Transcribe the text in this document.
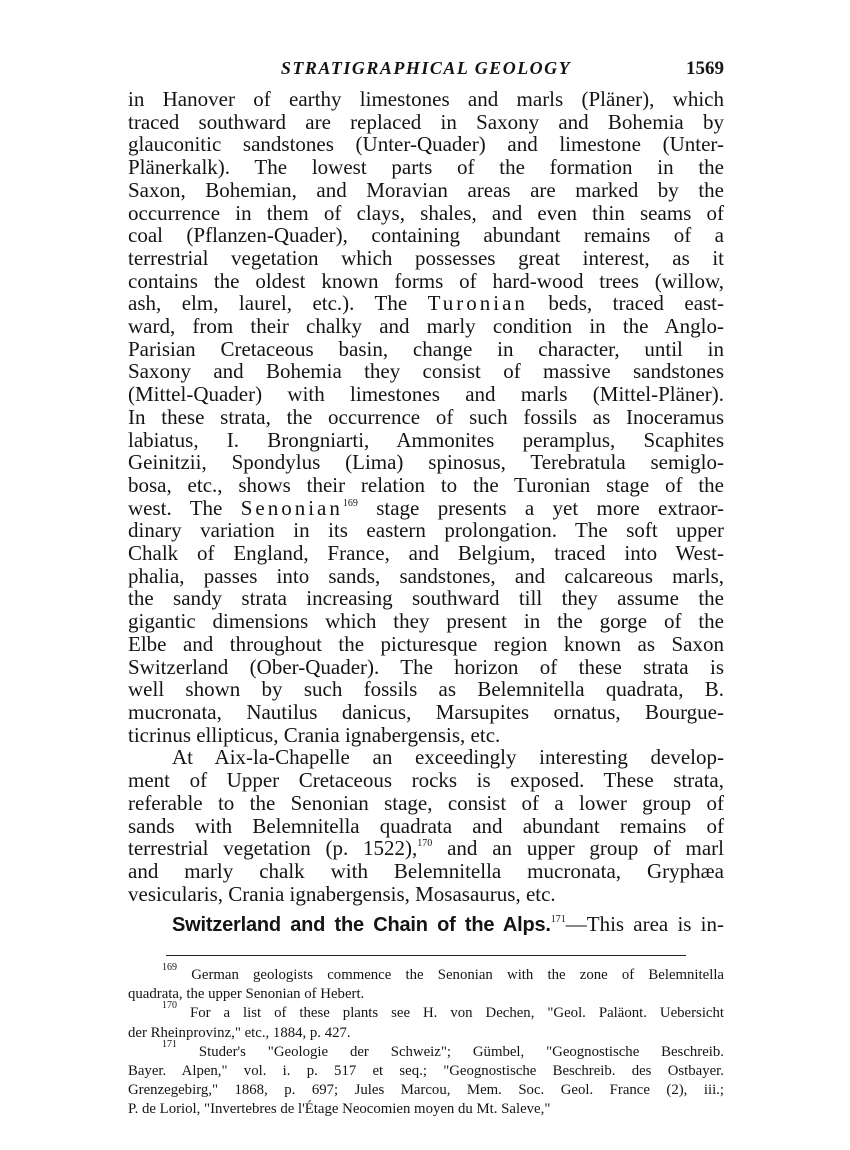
STRATIGRAPHICAL GEOLOGY	1569
in Hanover of earthy limestones and marls (Pläner), which
traced southward are replaced in Saxony and Bohemia by
glauconitic sandstones (Unter-Quader) and limestone (Unter-
Plänerkalk). The lowest parts of the formation in the
Saxon, Bohemian, and Moravian areas are marked by the
occurrence in them of clays, shales, and even thin seams of
coal (Pflanzen-Quader), containing abundant remains of a
terrestrial vegetation which possesses great interest, as it
contains the oldest known forms of hard-wood trees (willow,
ash, elm, laurel, etc.). The Turonian beds, traced east-
ward, from their chalky and marly condition in the Anglo-
Parisian Cretaceous basin, change in character, until in
Saxony and Bohemia they consist of massive sandstones
(Mittel-Quader) with limestones and marls (Mittel-Pläner).
In these strata, the occurrence of such fossils as Inoceramus
labiatus, I. Brongniarti, Ammonites peramplus, Scaphites
Geinitzii, Spondylus (Lima) spinosus, Terebratula semiglo-
bosa, etc., shows their relation to the Turonian stage of the
west. The Senonian$^{169}$ stage presents a yet more extraor-
dinary variation in its eastern prolongation. The soft upper
Chalk of England, France, and Belgium, traced into West-
phalia, passes into sands, sandstones, and calcareous marls,
the sandy strata increasing southward till they assume the
gigantic dimensions which they present in the gorge of the
Elbe and throughout the picturesque region known as Saxon
Switzerland (Ober-Quader). The horizon of these strata is
well shown by such fossils as Belemnitella quadrata, B.
mucronata, Nautilus danicus, Marsupites ornatus, Bourgue-
ticrinus ellipticus, Crania ignabergensis, etc.
At Aix-la-Chapelle an exceedingly interesting develop-
ment of Upper Cretaceous rocks is exposed. These strata,
referable to the Senonian stage, consist of a lower group of
sands with Belemnitella quadrata and abundant remains of
terrestrial vegetation (p. 1522),$^{170}$ and an upper group of marl
and marly chalk with Belemnitella mucronata, Gryphæa
vesicularis, Crania ignabergensis, Mosasaurus, etc.
Switzerland and the Chain of the Alps.$^{171}$—This area is in-
$^{169}$ German geologists commence the Senonian with the zone of Belemnitella
quadrata, the upper Senonian of Hebert.
$^{170}$ For a list of these plants see H. von Dechen, "Geol. Paläont. Uebersicht
der Rheinprovinz," etc., 1884, p. 427.
$^{171}$ Studer's "Geologie der Schweiz"; Gümbel, "Geognostische Beschreib.
Bayer. Alpen," vol. i. p. 517 et seq.; "Geognostische Beschreib. des Ostbayer.
Grenzegebirg," 1868, p. 697; Jules Marcou, Mem. Soc. Geol. France (2), iii.;
P. de Loriol, "Invertebres de l'Étage Neocomien moyen du Mt. Saleve,"
